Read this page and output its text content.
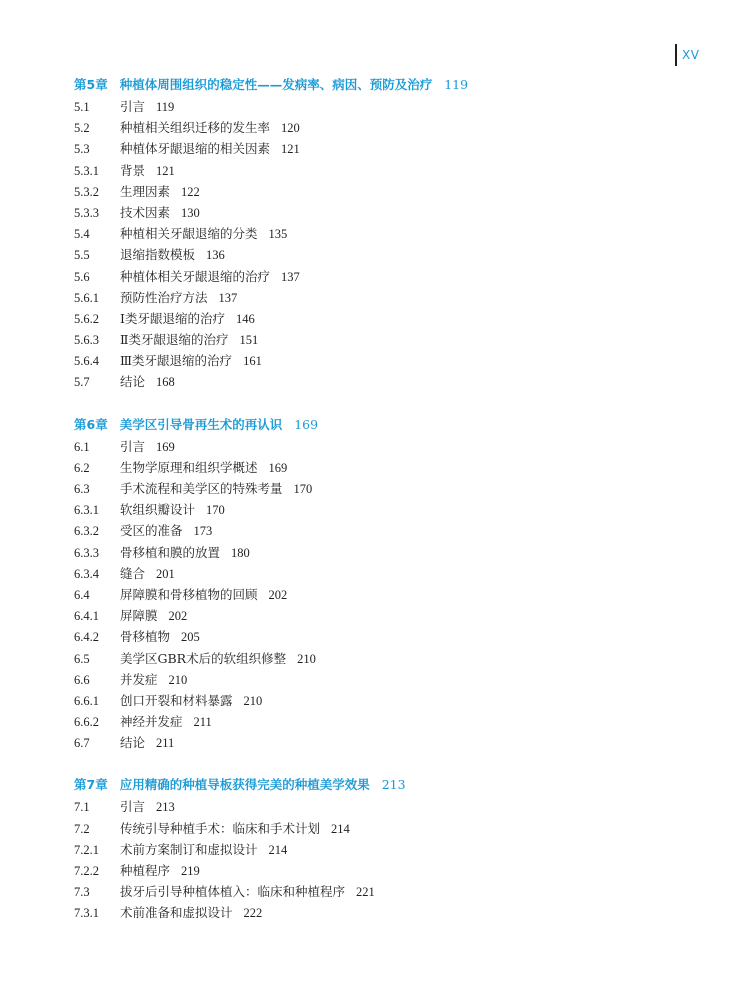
XV
第5章 种植体周围组织的稳定性——发病率、病因、预防及治疗 119
5.1 引言 119
5.2 种植相关组织迁移的发生率 120
5.3 种植体牙龈退缩的相关因素 121
5.3.1 背景 121
5.3.2 生理因素 122
5.3.3 技术因素 130
5.4 种植相关牙龈退缩的分类 135
5.5 退缩指数模板 136
5.6 种植体相关牙龈退缩的治疗 137
5.6.1 预防性治疗方法 137
5.6.2 Ⅰ类牙龈退缩的治疗 146
5.6.3 Ⅱ类牙龈退缩的治疗 151
5.6.4 Ⅲ类牙龈退缩的治疗 161
5.7 结论 168
第6章 美学区引导骨再生术的再认识 169
6.1 引言 169
6.2 生物学原理和组织学概述 169
6.3 手术流程和美学区的特殊考量 170
6.3.1 软组织瓣设计 170
6.3.2 受区的准备 173
6.3.3 骨移植和膜的放置 180
6.3.4 缝合 201
6.4 屏障膜和骨移植物的回顾 202
6.4.1 屏障膜 202
6.4.2 骨移植物 205
6.5 美学区GBR术后的软组织修整 210
6.6 并发症 210
6.6.1 创口开裂和材料暴露 210
6.6.2 神经并发症 211
6.7 结论 211
第7章 应用精确的种植导板获得完美的种植美学效果 213
7.1 引言 213
7.2 传统引导种植手术：临床和手术计划 214
7.2.1 术前方案制订和虚拟设计 214
7.2.2 种植程序 219
7.3 拔牙后引导种植体植入：临床和种植程序 221
7.3.1 术前准备和虚拟设计 222
